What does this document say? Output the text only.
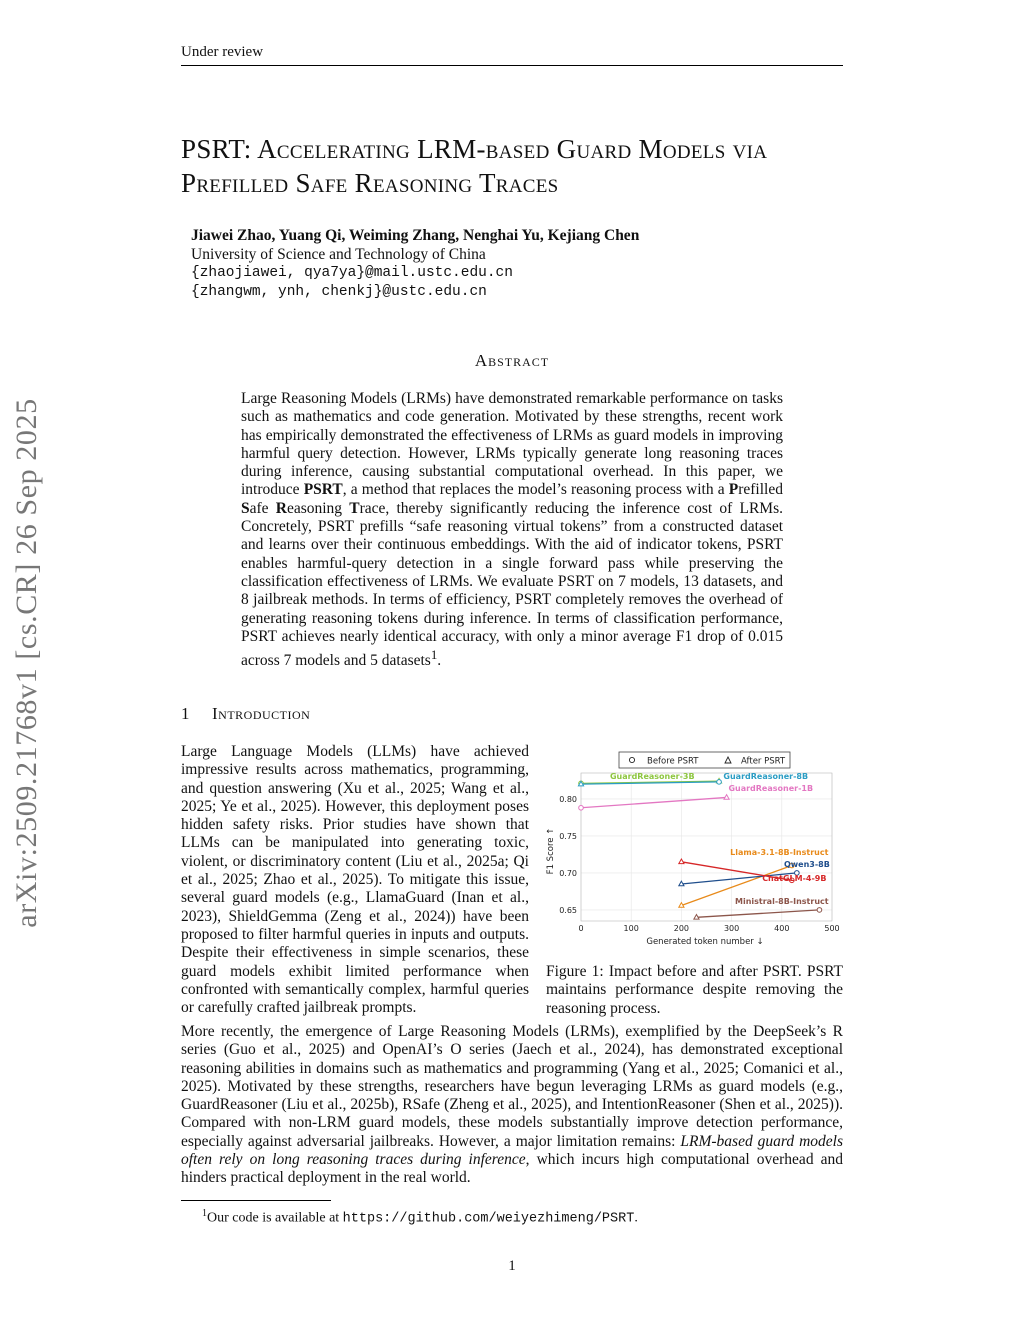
Under review
PSRT: Accelerating LRM-based Guard Models via Prefilled Safe Reasoning Traces
Jiawei Zhao, Yuang Qi, Weiming Zhang, Nenghai Yu, Kejiang Chen
University of Science and Technology of China
{zhaojiawei, qya7ya}@mail.ustc.edu.cn
{zhangwm, ynh, chenkj}@ustc.edu.cn
Abstract
Large Reasoning Models (LRMs) have demonstrated remarkable performance on tasks such as mathematics and code generation. Motivated by these strengths, recent work has empirically demonstrated the effectiveness of LRMs as guard models in improving harmful query detection. However, LRMs typically generate long reasoning traces during inference, causing substantial computational overhead. In this paper, we introduce PSRT, a method that replaces the model’s reasoning process with a Prefilled Safe Reasoning Trace, thereby significantly reducing the inference cost of LRMs. Concretely, PSRT prefills “safe reasoning virtual tokens” from a constructed dataset and learns over their continuous embeddings. With the aid of indicator tokens, PSRT enables harmful-query detection in a single forward pass while preserving the classification effectiveness of LRMs. We evaluate PSRT on 7 models, 13 datasets, and 8 jailbreak methods. In terms of efficiency, PSRT completely removes the overhead of generating reasoning tokens during inference. In terms of classification performance, PSRT achieves nearly identical accuracy, with only a minor average F1 drop of 0.015 across 7 models and 5 datasets$^1$.
1 Introduction
Large Language Models (LLMs) have achieved impressive results across mathematics, programming, and question answering (Xu et al., 2025; Wang et al., 2025; Ye et al., 2025). However, this deployment poses hidden safety risks. Prior studies have shown that LLMs can be manipulated into generating toxic, violent, or discriminatory content (Liu et al., 2025a; Qi et al., 2025; Zhao et al., 2025). To mitigate this issue, several guard models (e.g., LlamaGuard (Inan et al., 2023), ShieldGemma (Zeng et al., 2024)) have been proposed to filter harmful queries in inputs and outputs. Despite their effectiveness in simple scenarios, these guard models exhibit limited performance when confronted with semantically complex, harmful queries or carefully crafted jailbreak prompts.
Before PSRT	After PSRT
0	100	200	300	400	500
0.65
0.70
0.75
0.80
GuardReasoner-3B	GuardReasoner-8B
GuardReasoner-1B
Llama-3.1-8B-Instruct
Qwen3-8B
ChatGLM-4-9B
Ministral-8B-Instruct
Generated token number ↓
F1 Score ↑
Figure 1: Impact before and after PSRT. PSRT maintains performance despite removing the reasoning process.
More recently, the emergence of Large Reasoning Models (LRMs), exemplified by the DeepSeek’s R series (Guo et al., 2025) and OpenAI’s O series (Jaech et al., 2024), has demonstrated exceptional reasoning abilities in domains such as mathematics and programming (Yang et al., 2025; Comanici et al., 2025). Motivated by these strengths, researchers have begun leveraging LRMs as guard models (e.g., GuardReasoner (Liu et al., 2025b), RSafe (Zheng et al., 2025), and IntentionReasoner (Shen et al., 2025)). Compared with non-LRM guard models, these models substantially improve detection performance, especially against adversarial jailbreaks. However, a major limitation remains: LRM-based guard models often rely on long reasoning traces during inference, which incurs high computational overhead and hinders practical deployment in the real world.
$^1$Our code is available at https://github.com/weiyezhimeng/PSRT.
1
arXiv:2509.21768v1 [cs.CR] 26 Sep 2025
